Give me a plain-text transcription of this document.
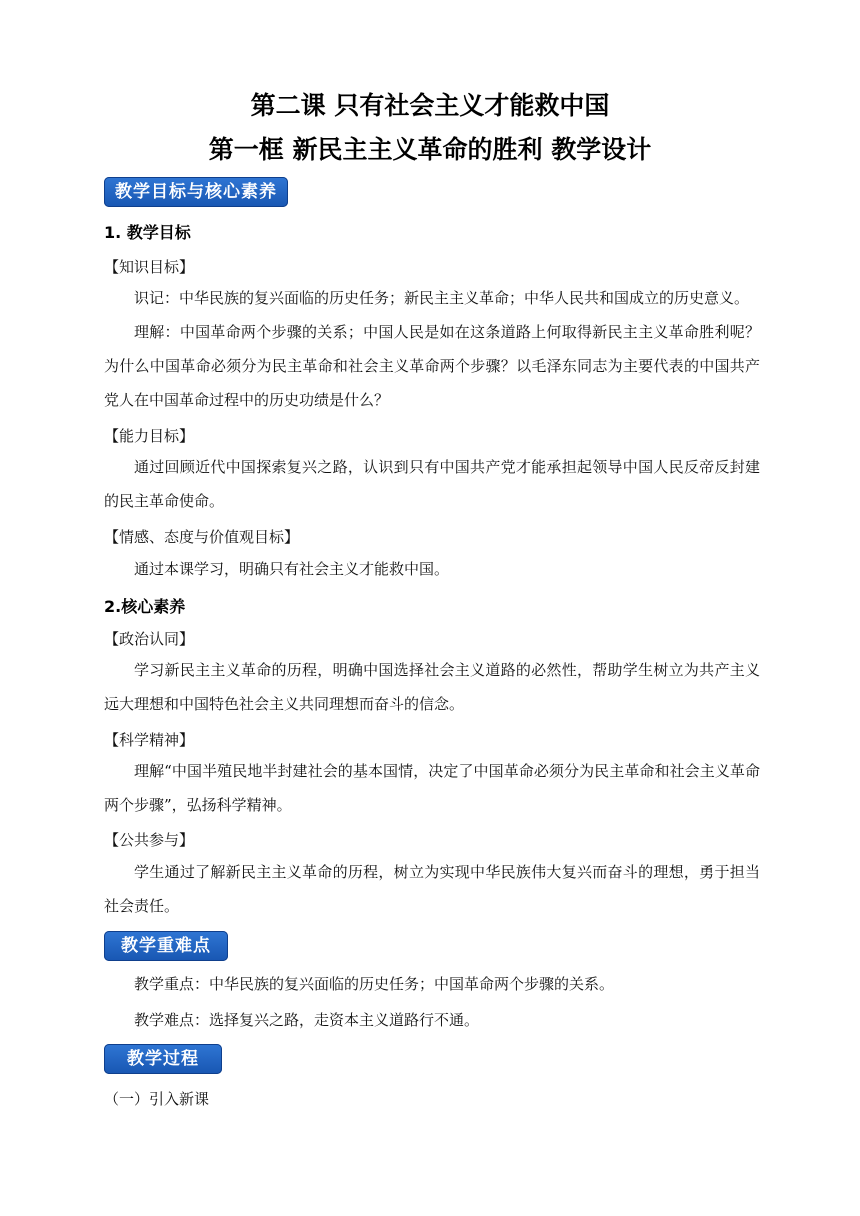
第二课 只有社会主义才能救中国
第一框 新民主主义革命的胜利 教学设计
教学目标与核心素养
1. 教学目标
【知识目标】
识记：中华民族的复兴面临的历史任务；新民主主义革命；中华人民共和国成立的历史意义。
理解：中国革命两个步骤的关系；中国人民是如在这条道路上何取得新民主主义革命胜利呢？为什么中国革命必须分为民主革命和社会主义革命两个步骤？以毛泽东同志为主要代表的中国共产党人在中国革命过程中的历史功绩是什么？
【能力目标】
通过回顾近代中国探索复兴之路，认识到只有中国共产党才能承担起领导中国人民反帝反封建的民主革命使命。
【情感、态度与价值观目标】
通过本课学习，明确只有社会主义才能救中国。
2.核心素养
【政治认同】
学习新民主主义革命的历程，明确中国选择社会主义道路的必然性，帮助学生树立为共产主义远大理想和中国特色社会主义共同理想而奋斗的信念。
【科学精神】
理解“中国半殖民地半封建社会的基本国情，决定了中国革命必须分为民主革命和社会主义革命两个步骤”，弘扬科学精神。
【公共参与】
学生通过了解新民主主义革命的历程，树立为实现中华民族伟大复兴而奋斗的理想，勇于担当社会责任。
教学重难点
教学重点：中华民族的复兴面临的历史任务；中国革命两个步骤的关系。
教学难点：选择复兴之路，走资本主义道路行不通。
教学过程
（一）引入新课
